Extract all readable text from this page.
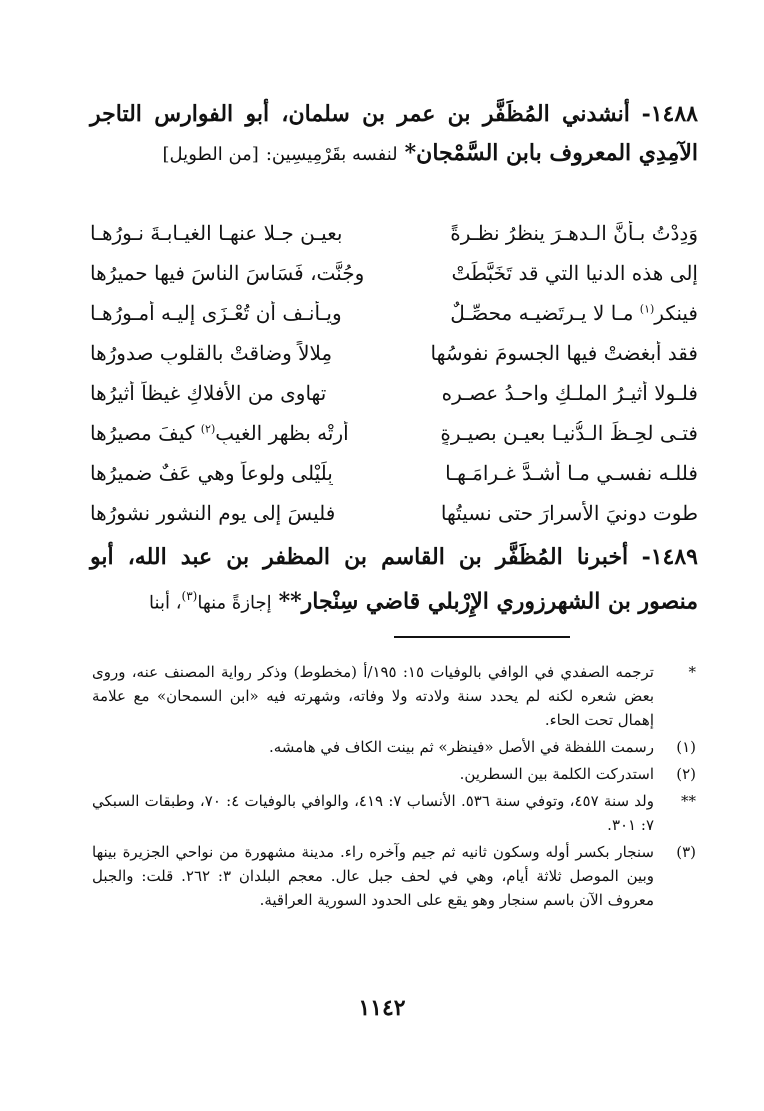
١٤٨٨- أنشدني المُظَفَّر بن عمر بن سلمان، أبو الفوارس التاجر الآمِدِي المعروف بابن السَّمْجان* لنفسه بقَرْمِيسِين: [من الطويل]
وَدِدْتُ بـأنَّ الـدهـرَ ينظرُ نظـرةً
بعيـنِ جـلا عنهـا الغيـابـةَ نـورُهـا
إلى هذه الدنيا التي قد تَخَبَّطَتْ
وجُنَّت، فَسَاسَ الناسَ فيها حميرُها
فينكر$^{(١)}$ مـا لا يـرتَضيـه محصِّـلٌ
ويـأنـف أن تُعْـزَى إليـه أمـورُهـا
فقد أبغضتْ فيها الجسومَ نفوسُها
مِلالاً وضاقتْ بالقلوبِ صدورُها
فلـولا أثيـرُ الملـكِ واحـدُ عصـرِه
تهاوى من الأفلاكِ غيظاً أثيرُها
فتـى لحِـظَ الـدُّنيـا بعيـنٍ بصيـرةٍ
أرتْه بظهرِ الغيبِ$^{(٢)}$ كيفَ مصيرُها
فللـه نفسـي مـا أشـدَّ غـرامَـهـا
بِلَيْلى ولوعاً وهي عَفٌ ضميرُها
طوت دونيَ الأسرارَ حتى نسيتُها
فليسَ إلى يوم النشورِ نشورُها
١٤٨٩- أخبرنا المُظَفَّر بن القاسم بن المظفر بن عبد الله، أبو منصور بن الشهرزوري الإِرْبلي قاضي سِنْجار** إجازةً منها$^{(٣)}$، أبنا
*
ترجمه الصفدي في الوافي بالوفيات ١٥: ١٩٥/أ (مخطوط) وذكر رواية المصنف عنه، وروى بعض شعره لكنه لم يحدد سنة ولادته ولا وفاته، وشهرته فيه «ابن السمحان» مع علامة إهمال تحت الحاء.
(١)
رسمت اللفظة في الأصل «فينظر» ثم بينت الكاف في هامشه.
(٢)
استدركت الكلمة بين السطرين.
**
ولد سنة ٤٥٧، وتوفي سنة ٥٣٦. الأنساب ٧: ٤١٩، والوافي بالوفيات ٤: ٧٠، وطبقات السبكي ٧: ٣٠١.
(٣)
سنجار بكسر أوله وسكون ثانيه ثم جيم وآخره راء. مدينة مشهورة من نواحي الجزيرة بينها وبين الموصل ثلاثة أيام، وهي في لحف جبل عال. معجم البلدان ٣: ٢٦٢. قلت: والجبل معروف الآن باسم سنجار وهو يقع على الحدود السورية العراقية.
١١٤٢
